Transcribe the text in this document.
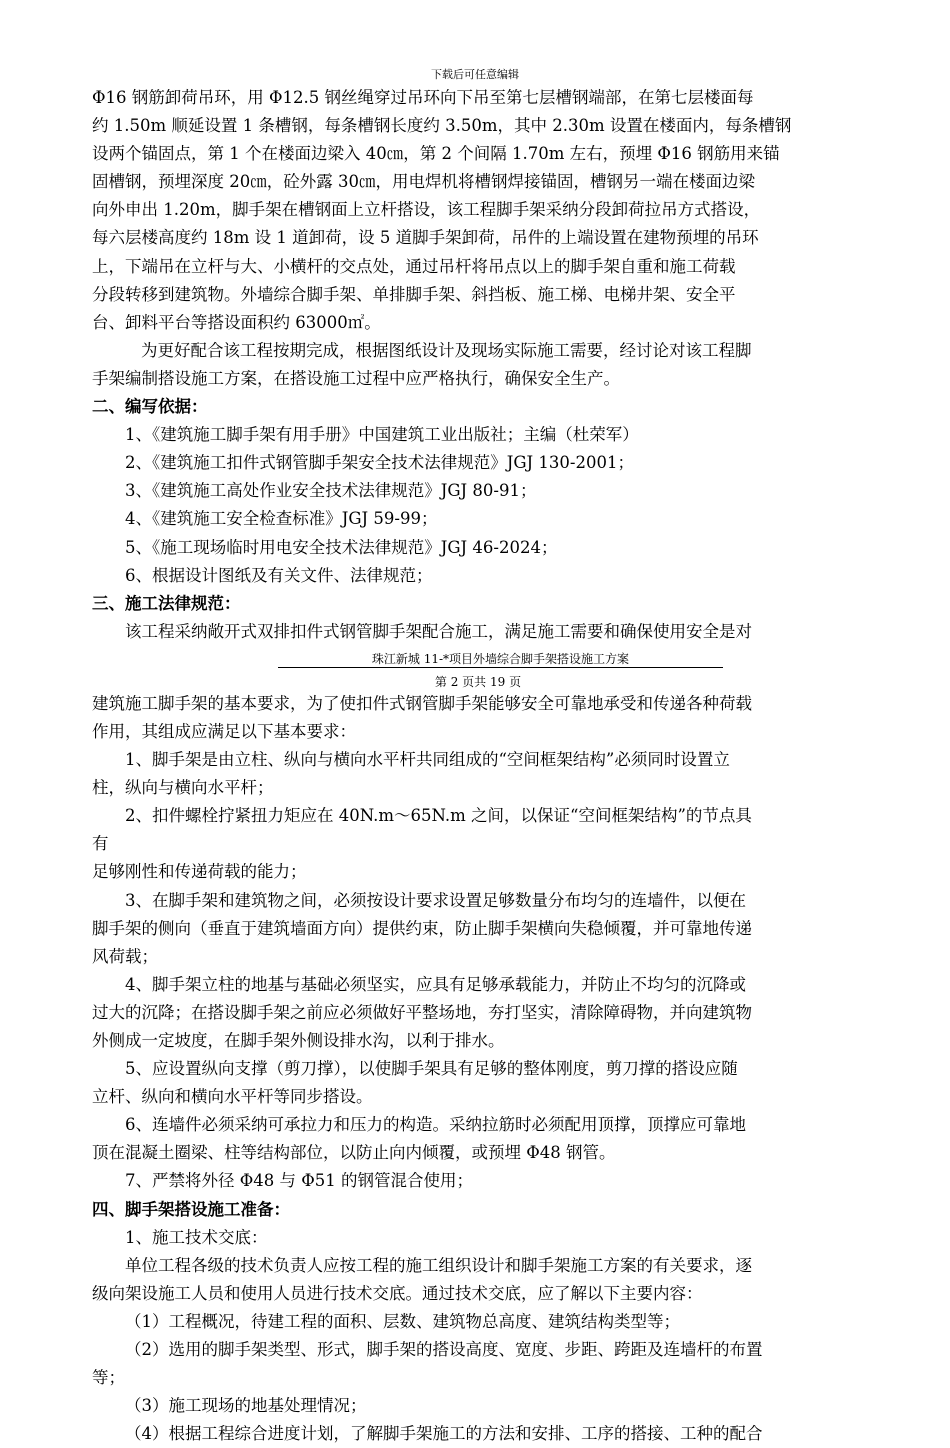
下载后可任意编辑
Φ16 钢筋卸荷吊环，用 Φ12.5 钢丝绳穿过吊环向下吊至第七层槽钢端部，在第七层楼面每
约 1.50m 顺延设置 1 条槽钢，每条槽钢长度约 3.50m，其中 2.30m 设置在楼面内，每条槽钢
设两个锚固点，第 1 个在楼面边梁入 40㎝，第 2 个间隔 1.70m 左右，预埋 Φ16 钢筋用来锚
固槽钢，预埋深度 20㎝，砼外露 30㎝，用电焊机将槽钢焊接锚固，槽钢另一端在楼面边梁
向外申出 1.20m，脚手架在槽钢面上立杆搭设，该工程脚手架采纳分段卸荷拉吊方式搭设，
每六层楼高度约 18m 设 1 道卸荷，设 5 道脚手架卸荷，吊件的上端设置在建物预埋的吊环
上，下端吊在立杆与大、小横杆的交点处，通过吊杆将吊点以上的脚手架自重和施工荷载
分段转移到建筑物。外墙综合脚手架、单排脚手架、斜挡板、施工梯、电梯井架、安全平
台、卸料平台等搭设面积约 63000㎡。
为更好配合该工程按期完成，根据图纸设计及现场实际施工需要，经讨论对该工程脚
手架编制搭设施工方案，在搭设施工过程中应严格执行，确保安全生产。
二、编写依据：
1、《建筑施工脚手架有用手册》中国建筑工业出版社；主编（杜荣军）
2、《建筑施工扣件式钢管脚手架安全技术法律规范》JGJ 130-2001；
3、《建筑施工高处作业安全技术法律规范》JGJ 80-91；
4、《建筑施工安全检查标准》JGJ 59-99；
5、《施工现场临时用电安全技术法律规范》JGJ 46-2024；
6、根据设计图纸及有关文件、法律规范；
三、施工法律规范：
该工程采纳敞开式双排扣件式钢管脚手架配合施工，满足施工需要和确保使用安全是对
珠江新城 11-*项目外墙综合脚手架搭设施工方案
第 2 页共 19 页
建筑施工脚手架的基本要求，为了使扣件式钢管脚手架能够安全可靠地承受和传递各种荷载
作用，其组成应满足以下基本要求：
1、脚手架是由立柱、纵向与横向水平杆共同组成的“空间框架结构”必须同时设置立
柱，纵向与横向水平杆；
2、扣件螺栓拧紧扭力矩应在 40N.m～65N.m 之间，以保证“空间框架结构”的节点具
有
足够刚性和传递荷载的能力；
3、在脚手架和建筑物之间，必须按设计要求设置足够数量分布均匀的连墙件，以便在
脚手架的侧向（垂直于建筑墙面方向）提供约束，防止脚手架横向失稳倾覆，并可靠地传递
风荷载；
4、脚手架立柱的地基与基础必须坚实，应具有足够承载能力，并防止不均匀的沉降或
过大的沉降；在搭设脚手架之前应必须做好平整场地，夯打坚实，清除障碍物，并向建筑物
外侧成一定坡度，在脚手架外侧设排水沟，以利于排水。
5、应设置纵向支撑（剪刀撑），以使脚手架具有足够的整体刚度，剪刀撑的搭设应随
立杆、纵向和横向水平杆等同步搭设。
6、连墙件必须采纳可承拉力和压力的构造。采纳拉筋时必须配用顶撑，顶撑应可靠地
顶在混凝土圈梁、柱等结构部位，以防止向内倾覆，或预埋 Φ48 钢管。
7、严禁将外径 Φ48 与 Φ51 的钢管混合使用；
四、脚手架搭设施工准备：
1、施工技术交底：
单位工程各级的技术负责人应按工程的施工组织设计和脚手架施工方案的有关要求，逐
级向架设施工人员和使用人员进行技术交底。通过技术交底，应了解以下主要内容：
（1）工程概况，待建工程的面积、层数、建筑物总高度、建筑结构类型等；
（2）选用的脚手架类型、形式，脚手架的搭设高度、宽度、步距、跨距及连墙杆的布置
等；
（3）施工现场的地基处理情况；
（4）根据工程综合进度计划，了解脚手架施工的方法和安排、工序的搭接、工种的配合
